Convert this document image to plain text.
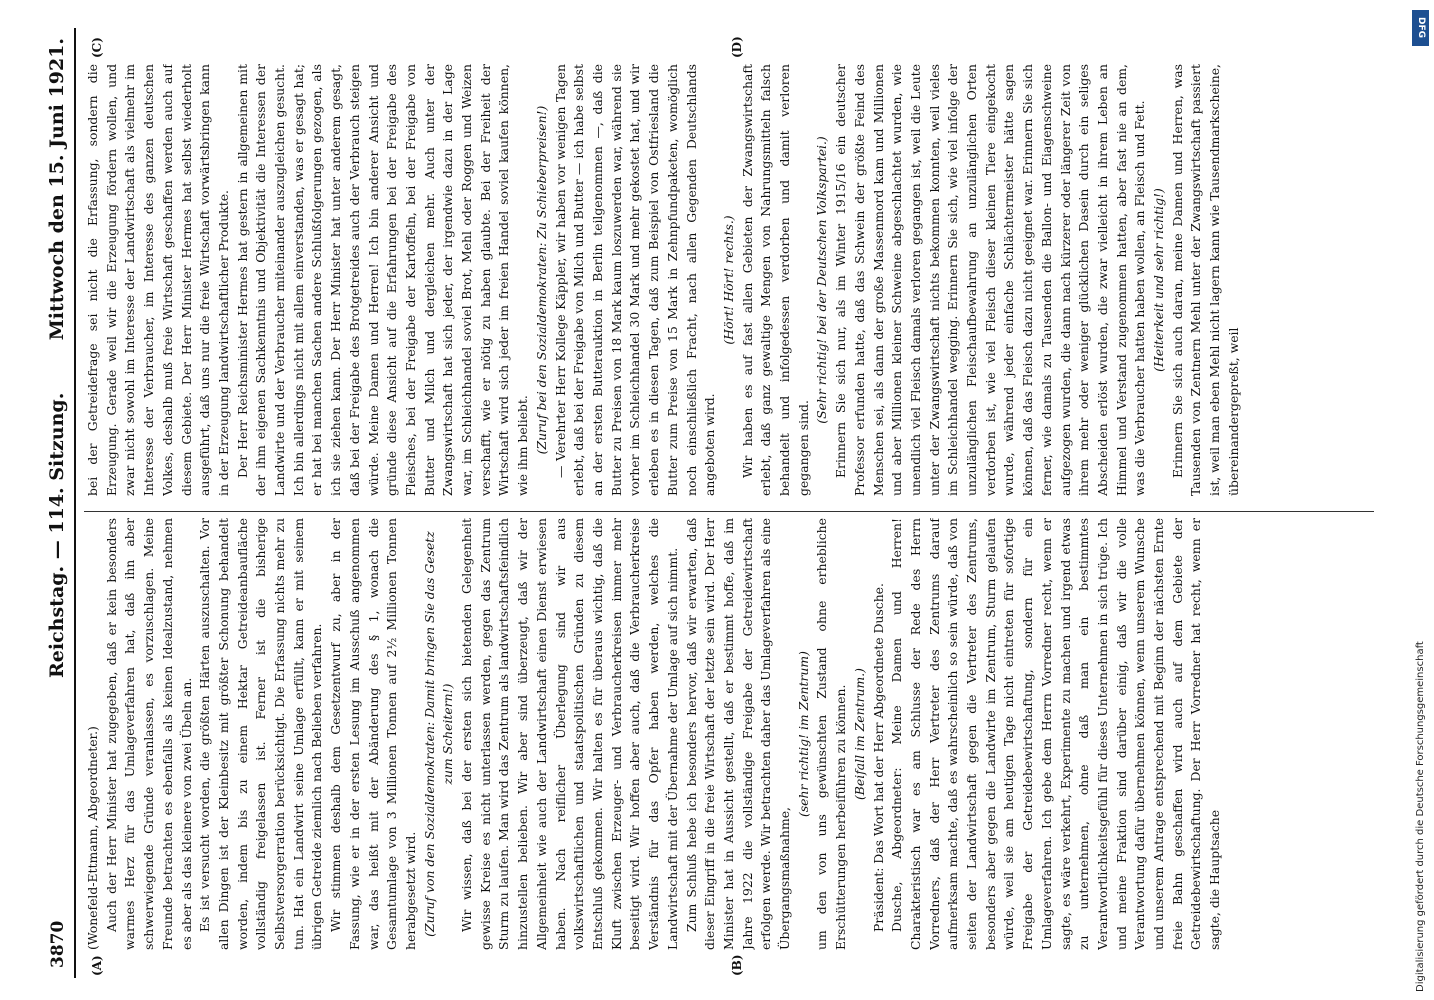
3870
Reichstag. — 114. Sitzung.
Mittwoch den 15. Juni 1921.
(A)	(B)
(C)	(D)

(Wonefeld-Ettmann, Abgeordneter.) Auch der Herr Minister hat zugegeben, daß er kein besonders warmes Herz für das Umlageverfahren hat, daß ihn aber schwerwiegende Gründe veranlassen, es vorzuschlagen. Meine Freunde betrachten es ebenfalls als keinen Idealzustand, nehmen es aber als das kleinere von zwei Übeln an. Es ist versucht worden, die größten Härten auszuschalten. Vor allen Dingen ist der Kleinbesitz mit größter Schonung behandelt worden, indem bis zu einem Hektar Getreideanbaufläche vollständig freigelassen ist. Ferner ist die bisherige Selbstversorgerration berücksichtigt. Die Erfassung nichts mehr zu tun. Hat ein Landwirt seine Umlage erfüllt, kann er mit seinem übrigen Getreide ziemlich nach Belieben verfahren. Wir stimmen deshalb dem Gesetzentwurf zu, aber in der Fassung, wie er in der ersten Lesung im Ausschuß angenommen war, das heißt mit der Abänderung des § 1, wonach die Gesamtumlage von 3 Millionen Tonnen auf 2½ Millionen Tonnen herabgesetzt wird. (Zuruf von den Sozialdemokraten: Damit bringen Sie das Gesetz zum Scheitern!) Wir wissen, daß bei der ersten sich bietenden Gelegenheit gewisse Kreise es nicht unterlassen werden, gegen das Zentrum Sturm zu laufen. Man wird das Zentrum als landwirtschaftsfeindlich hinzustellen belieben. Wir aber sind überzeugt, daß wir der Allgemeinheit wie auch der Landwirtschaft einen Dienst erwiesen haben. Nach reiflicher Überlegung sind wir aus volkswirtschaftlichen und staatspolitischen Gründen zu diesem Entschluß gekommen. Wir halten es für überaus wichtig, daß die Kluft zwischen Erzeuger- und Verbraucherkreisen immer mehr beseitigt wird. Wir hoffen aber auch, daß die Verbraucherkreise Verständnis für das Opfer haben werden, welches die Landwirtschaft mit der Übernahme der Umlage auf sich nimmt. Zum Schluß hebe ich besonders hervor, daß wir erwarten, daß dieser Eingriff in die freie Wirtschaft der letzte sein wird. Der Herr Minister hat in Aussicht gestellt, daß er bestimmt hoffe, daß im Jahre 1922 die vollständige Freigabe der Getreidewirtschaft erfolgen werde. Wir betrachten daher das Umlageverfahren als eine Übergangsmaßnahme,

(sehr richtig! im Zentrum) um den von uns gewünschten Zustand ohne erhebliche Erschütterungen herbeiführen zu können. (Beifall im Zentrum.) Präsident: Das Wort hat der Herr Abgeordnete Dusche. Dusche, Abgeordneter: Meine Damen und Herren! Charakteristisch war es am Schlusse der Rede des Herrn Vorredners, daß der Herr Vertreter des Zentrums darauf aufmerksam machte, daß es wahrscheinlich so sein würde, daß von seiten der Landwirtschaft gegen die Vertreter des Zentrums, besonders aber gegen die Landwirte im Zentrum, Sturm gelaufen würde, weil sie am heutigen Tage nicht eintreten für sofortige Freigabe der Getreidebewirtschaftung, sondern für ein Umlageverfahren. Ich gebe dem Herrn Vorredner recht, wenn er sagte, es wäre verkehrt, Experimente zu machen und irgend etwas zu unternehmen, ohne daß man ein bestimmtes Verantwortlichkeitsgefühl für dieses Unternehmen in sich trüge. Ich und meine Fraktion sind darüber einig, daß wir die volle Verantwortung dafür übernehmen können, wenn unserem Wunsche und unserem Antrage entsprechend mit Beginn der nächsten Ernte freie Bahn geschaffen wird auch auf dem Gebiete der Getreidebewirtschaftung. Der Herr Vorredner hat recht, wenn er sagte, die Hauptsache

bei der Getreidefrage sei nicht die Erfassung, sondern die Erzeugung. Gerade weil wir die Erzeugung fördern wollen, und zwar nicht sowohl im Interesse der Landwirtschaft als vielmehr im Interesse der Verbraucher, im Interesse des ganzen deutschen Volkes, deshalb muß freie Wirtschaft geschaffen werden auch auf diesem Gebiete. Der Herr Minister Hermes hat selbst wiederholt ausgeführt, daß uns nur die freie Wirtschaft vorwärtsbringen kann in der Erzeugung landwirtschaftlicher Produkte. Der Herr Reichsminister Hermes hat gestern in allgemeinen mit der ihm eigenen Sachkenntnis und Objektivität die Interessen der Landwirte und der Verbraucher miteinander auszugleichen gesucht. Ich bin allerdings nicht mit allem einverstanden, was er gesagt hat; er hat bei manchen Sachen andere Schlußfolgerungen gezogen, als ich sie ziehen kann. Der Herr Minister hat unter anderem gesagt, daß bei der Freigabe des Brotgetreides auch der Verbrauch steigen würde. Meine Damen und Herren! Ich bin anderer Ansicht und gründe diese Ansicht auf die Erfahrungen bei der Freigabe des Fleisches, bei der Freigabe der Kartoffeln, bei der Freigabe von Butter und Milch und dergleichen mehr. Auch unter der Zwangswirtschaft hat sich jeder, der irgendwie dazu in der Lage war, im Schleichhandel soviel Brot, Mehl oder Roggen und Weizen verschafft, wie er nötig zu haben glaubte. Bei der Freiheit der Wirtschaft wird sich jeder im freien Handel soviel kaufen können, wie ihm beliebt. (Zuruf bei den Sozialdemokraten: Zu Schieberpreisen!) — Verehrter Herr Kollege Käppler, wir haben vor wenigen Tagen erlebt, daß bei der Freigabe von Milch und Butter — ich habe selbst an der ersten Butterauktion in Berlin teilgenommen —, daß die Butter zu Preisen von 18 Mark kaum loszuwerden war, während sie vorher im Schleichhandel 30 Mark und mehr gekostet hat, und wir erleben es in diesen Tagen, daß zum Beispiel von Ostfriesland die Butter zum Preise von 15 Mark in Zehnpfundpaketen, womöglich noch einschließlich Fracht, nach allen Gegenden Deutschlands angeboten wird.

(Hört! Hört! rechts.) Wir haben es auf fast allen Gebieten der Zwangswirtschaft erlebt, daß ganz gewaltige Mengen von Nahrungsmitteln falsch behandelt und infolgedessen verdorben und damit verloren gegangen sind.

(Sehr richtig! bei der Deutschen Volkspartei.) Erinnern Sie sich nur, als im Winter 1915/16 ein deutscher Professor erfunden hatte, daß das Schwein der größte Feind des Menschen sei, als dann der große Massenmord kam und Millionen und aber Millionen kleiner Schweine abgeschlachtet wurden, wie unendlich viel Fleisch damals verloren gegangen ist, weil die Leute unter der Zwangswirtschaft nichts bekommen konnten, weil vieles im Schleichhandel wegging. Erinnern Sie sich, wie viel infolge der unzulänglichen Fleischaufbewahrung an unzulänglichen Orten verdorben ist, wie viel Fleisch dieser kleinen Tiere eingekocht wurde, während jeder einfache Schlächtermeister hätte sagen können, daß das Fleisch dazu nicht geeignet war. Erinnern Sie sich ferner, wie damals zu Tausenden die Ballon- und Eiagenschweine aufgezogen wurden, die dann nach kürzerer oder längerer Zeit von ihrem mehr oder weniger glücklichen Dasein durch ein seliges Abscheiden erlöst wurden, die zwar vielleicht in ihrem Leben an Himmel und Verstand zugenommen hatten, aber fast nie an dem, was die Verbraucher hatten haben wollen, an Fleisch und Fett. (Heiterkeit und sehr richtig!) Erinnern Sie sich auch daran, meine Damen und Herren, was Tausenden von Zentnern Mehl unter der Zwangswirtschaft passiert ist, weil man eben Mehl nicht lagern kann wie Tausendmarkscheine, übereinandergepreßt, weil

DFG
Digitalisierung gefördert durch die Deutsche Forschungsgemeinschaft
